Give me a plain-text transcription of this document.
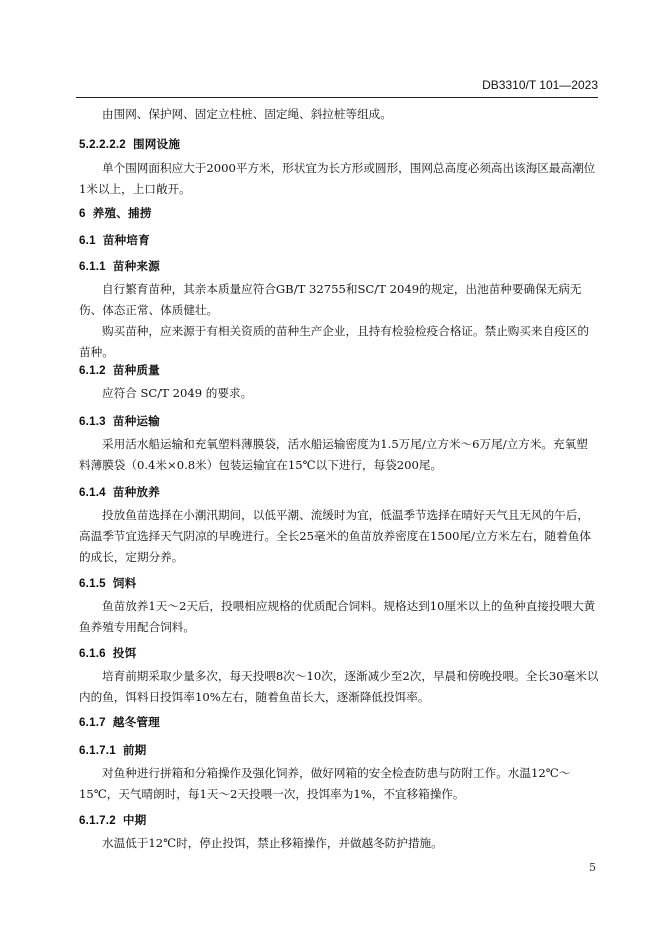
DB3310/T 101—2023

由围网、保护网、固定立柱桩、固定绳、斜拉桩等组成。

5.2.2.2.2 围网设施

单个围网面积应大于2000平方米，形状宜为长方形或圆形，围网总高度必须高出该海区最高潮位1米以上，上口敞开。

6 养殖、捕捞
6.1 苗种培育
6.1.1 苗种来源

自行繁育苗种，其亲本质量应符合GB/T 32755和SC/T 2049的规定，出池苗种要确保无病无伤、体态正常、体质健壮。

购买苗种，应来源于有相关资质的苗种生产企业，且持有检验检疫合格证。禁止购买来自疫区的苗种。

6.1.2 苗种质量

应符合 SC/T 2049 的要求。

6.1.3 苗种运输

采用活水船运输和充氧塑料薄膜袋，活水船运输密度为1.5万尾/立方米～6万尾/立方米。充氧塑料薄膜袋（0.4米×0.8米）包装运输宜在15℃以下进行，每袋200尾。

6.1.4 苗种放养

投放鱼苗选择在小潮汛期间，以低平潮、流缓时为宜，低温季节选择在晴好天气且无风的午后，高温季节宜选择天气阴凉的早晚进行。全长25毫米的鱼苗放养密度在1500尾/立方米左右，随着鱼体的成长，定期分养。

6.1.5 饲料

鱼苗放养1天～2天后，投喂相应规格的优质配合饲料。规格达到10厘米以上的鱼种直接投喂大黄鱼养殖专用配合饲料。

6.1.6 投饵

培育前期采取少量多次，每天投喂8次～10次，逐渐减少至2次，早晨和傍晚投喂。全长30毫米以内的鱼，饵料日投饵率10%左右，随着鱼苗长大，逐渐降低投饵率。

6.1.7 越冬管理
6.1.7.1 前期

对鱼种进行拼箱和分箱操作及强化饲养，做好网箱的安全检查防患与防附工作。水温12℃～15℃，天气晴朗时，每1天～2天投喂一次，投饵率为1%，不宜移箱操作。

6.1.7.2 中期

水温低于12℃时，停止投饵，禁止移箱操作，并做越冬防护措施。

5
